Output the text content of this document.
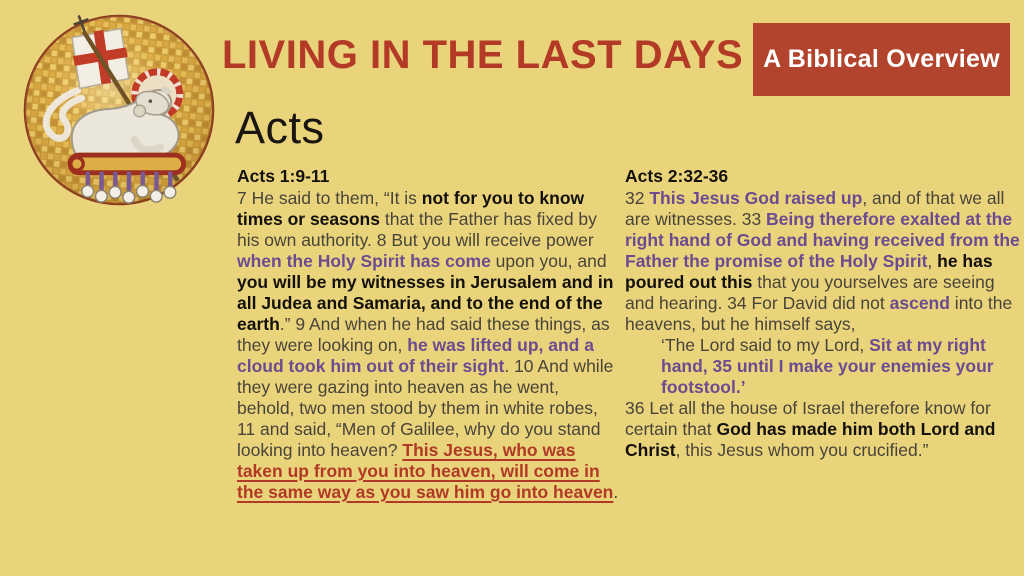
LIVING IN THE LAST DAYS A Biblical Overview
Acts
Acts 1:9-11

7 He said to them, “It is not for you to know times or seasons that the Father has fixed by his own authority. 8 But you will receive power when the Holy Spirit has come upon you, and you will be my witnesses in Jerusalem and in all Judea and Samaria, and to the end of the earth.” 9 And when he had said these things, as they were looking on, he was lifted up, and a cloud took him out of their sight. 10 And while they were gazing into heaven as he went, behold, two men stood by them in white robes, 11 and said, “Men of Galilee, why do you stand looking into heaven? This Jesus, who was taken up from you into heaven, will come in the same way as you saw him go into heaven.

Acts 2:32-36

32 This Jesus God raised up, and of that we all are witnesses. 33 Being therefore exalted at the right hand of God and having received from the Father the promise of the Holy Spirit, he has poured out this that you yourselves are seeing and hearing. 34 For David did not ascend into the heavens, but he himself says,

‘The Lord said to my Lord, Sit at my right hand, 35 until I make your enemies your footstool.’

36 Let all the house of Israel therefore know for certain that God has made him both Lord and Christ, this Jesus whom you crucified.”
